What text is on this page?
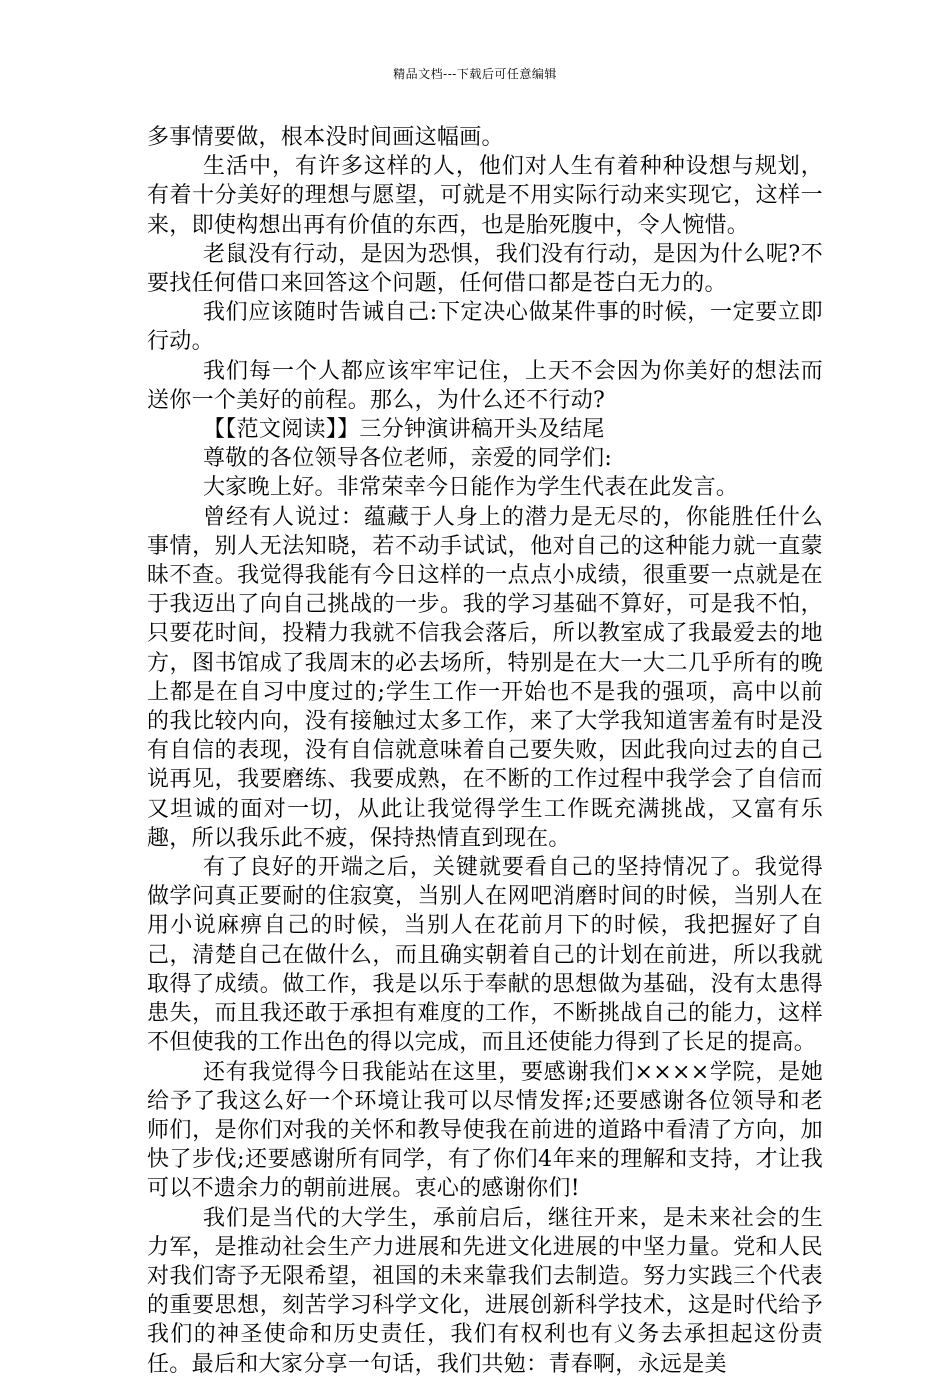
精品文档---下载后可任意编辑

多事情要做，根本没时间画这幅画。

生活中，有许多这样的人，他们对人生有着种种设想与规划，有着十分美好的理想与愿望，可就是不用实际行动来实现它，这样一来，即使构想出再有价值的东西，也是胎死腹中，令人惋惜。

老鼠没有行动，是因为恐惧，我们没有行动，是因为什么呢?不要找任何借口来回答这个问题，任何借口都是苍白无力的。

我们应该随时告诫自己:下定决心做某件事的时候，一定要立即行动。

我们每一个人都应该牢牢记住，上天不会因为你美好的想法而送你一个美好的前程。那么，为什么还不行动?

【【范文阅读】】三分钟演讲稿开头及结尾

尊敬的各位领导各位老师，亲爱的同学们:

大家晚上好。非常荣幸今日能作为学生代表在此发言。

曾经有人说过：蕴藏于人身上的潜力是无尽的，你能胜任什么事情，别人无法知晓，若不动手试试，他对自己的这种能力就一直蒙昧不查。我觉得我能有今日这样的一点点小成绩，很重要一点就是在于我迈出了向自己挑战的一步。我的学习基础不算好，可是我不怕，只要花时间，投精力我就不信我会落后，所以教室成了我最爱去的地方，图书馆成了我周末的必去场所，特别是在大一大二几乎所有的晚上都是在自习中度过的;学生工作一开始也不是我的强项，高中以前的我比较内向，没有接触过太多工作，来了大学我知道害羞有时是没有自信的表现，没有自信就意味着自己要失败，因此我向过去的自己说再见，我要磨练、我要成熟，在不断的工作过程中我学会了自信而又坦诚的面对一切，从此让我觉得学生工作既充满挑战，又富有乐趣，所以我乐此不疲，保持热情直到现在。

有了良好的开端之后，关键就要看自己的坚持情况了。我觉得做学问真正要耐的住寂寞，当别人在网吧消磨时间的时候，当别人在用小说麻痹自己的时候，当别人在花前月下的时候，我把握好了自己，清楚自己在做什么，而且确实朝着自己的计划在前进，所以我就取得了成绩。做工作，我是以乐于奉献的思想做为基础，没有太患得患失，而且我还敢于承担有难度的工作，不断挑战自己的能力，这样不但使我的工作出色的得以完成，而且还使能力得到了长足的提高。

还有我觉得今日我能站在这里，要感谢我们××××学院，是她给予了我这么好一个环境让我可以尽情发挥;还要感谢各位领导和老师们，是你们对我的关怀和教导使我在前进的道路中看清了方向，加快了步伐;还要感谢所有同学，有了你们4年来的理解和支持，才让我可以不遗余力的朝前进展。衷心的感谢你们!

我们是当代的大学生，承前启后，继往开来，是未来社会的生力军，是推动社会生产力进展和先进文化进展的中坚力量。党和人民对我们寄予无限希望，祖国的未来靠我们去制造。努力实践三个代表的重要思想，刻苦学习科学文化，进展创新科学技术，这是时代给予我们的神圣使命和历史责任，我们有权利也有义务去承担起这份责任。最后和大家分享一句话，我们共勉：青春啊，永远是美
